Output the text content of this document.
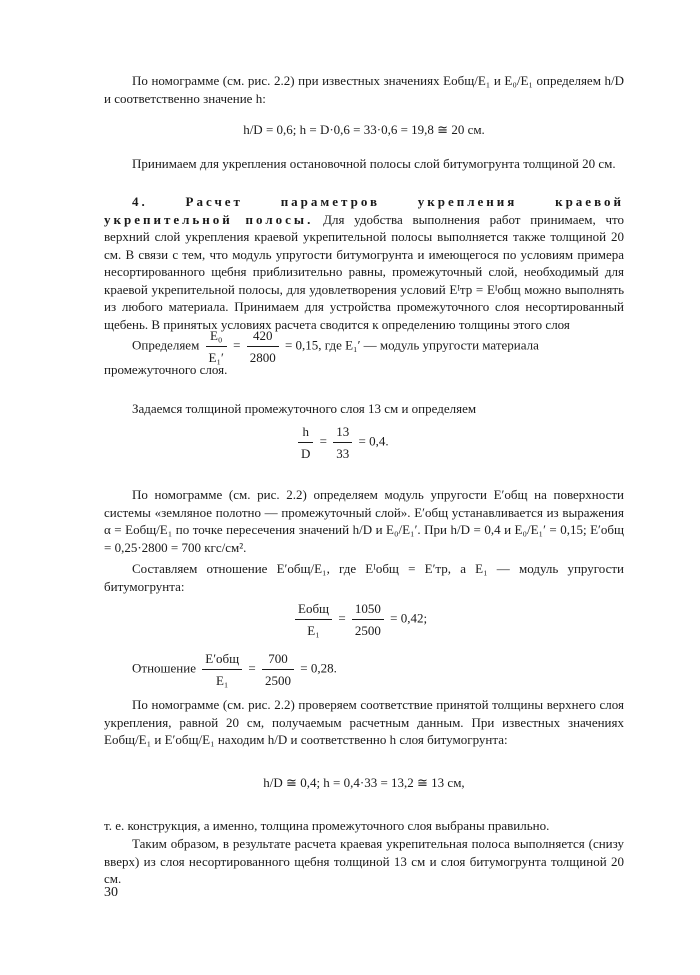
По номограмме (см. рис. 2.2) при известных значениях Eобщ/E₁ и E₀/E₁ определяем h/D и соответственно значение h:

h/D = 0,6; h = D·0,6 = 33·0,6 = 19,8 ≅ 20 см.

Принимаем для укрепления остановочной полосы слой битумогрунта толщиной 20 см.

4. Расчет параметров укрепления краевой укрепительной полосы. Для удобства выполнения работ принимаем, что верхний слой укрепления краевой укрепительной полосы выполняется также толщиной 20 см. В связи с тем, что модуль упругости битумогрунта и имеющегося по условиям примера несортированного щебня приблизительно равны, промежуточный слой, необходимый для краевой укрепительной полосы, для удовлетворения условий Eᴵтр = Eᴵобщ можно выполнять из любого материала. Принимаем для устройства промежуточного слоя несортированный щебень. В принятых условиях расчета сводится к определению толщины этого слоя

Определяем $\frac{\text{E₀}}{\text{E₁′}} = \frac{420}{2800} = 0,15$, где E₁′ — модуль упругости материала
промежуточного слоя.

Задаемся толщиной промежуточного слоя 13 см и определяем

$\frac{h}{D} = \frac{13}{33} = 0,4$.

По номограмме (см. рис. 2.2) определяем модуль упругости E′общ на поверхности системы «земляное полотно — промежуточный слой». E′общ устанавливается из выражения α = Eобщ/E₁ по точке пересечения значений h/D и E₀/E₁′. При h/D = 0,4 и E₀/E₁′ = 0,15; E′общ = 0,25·2800 = 700 кгс/см².

Составляем отношение E′общ/E₁, где Eᴵобщ = E′тр, а E₁ — модуль упругости битумогрунта:

$\frac{\text{Eобщ}}{\text{E₁}} = \frac{1050}{2500} = 0,42$;
Отношение $\frac{\text{E′общ}}{\text{E₁}} = \frac{700}{2500} = 0,28$.

По номограмме (см. рис. 2.2) проверяем соответствие принятой толщины верхнего слоя укрепления, равной 20 см, получаемым расчетным данным. При известных значениях Eобщ/E₁ и E′общ/E₁ находим h/D и соответственно h слоя битумогрунта:

h/D ≅ 0,4; h = 0,4·33 = 13,2 ≅ 13 см,

т. е. конструкция, а именно, толщина промежуточного слоя выбраны правильно.

Таким образом, в результате расчета краевая укрепительная полоса выполняется (снизу вверх) из слоя несортированного щебня толщиной 13 см и слоя битумогрунта толщиной 20 см.

30
